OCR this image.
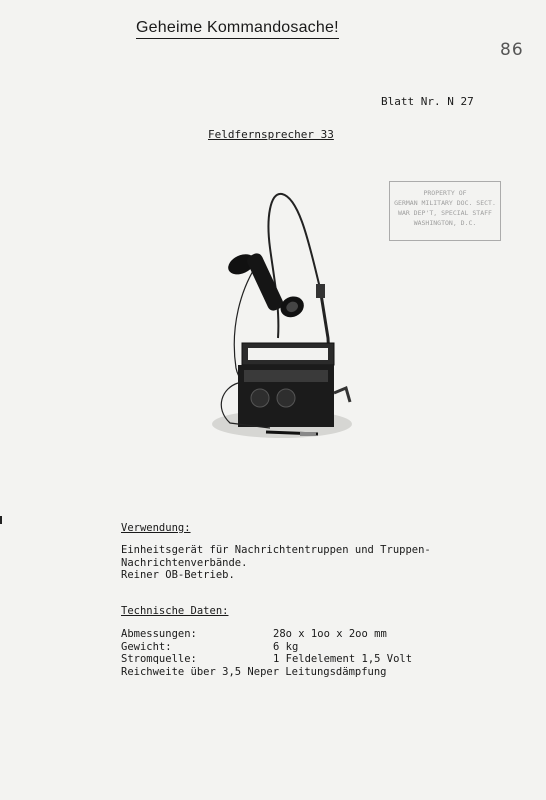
Geheime Kommandosache!
86
Blatt Nr. N 27
Feldfernsprecher 33
PROPERTY OF
GERMAN MILITARY DOC. SECT.
WAR DEP'T, SPECIAL STAFF
WASHINGTON, D.C.
Verwendung:
Einheitsgerät für Nachrichtentruppen und Truppen-
Nachrichtenverbände.
Reiner OB-Betrieb.
Technische Daten:
Abmessungen:	28o x 1oo x 2oo mm
Gewicht:	6 kg
Stromquelle:	1 Feldelement 1,5 Volt
Reichweite über 3,5 Neper Leitungsdämpfung
